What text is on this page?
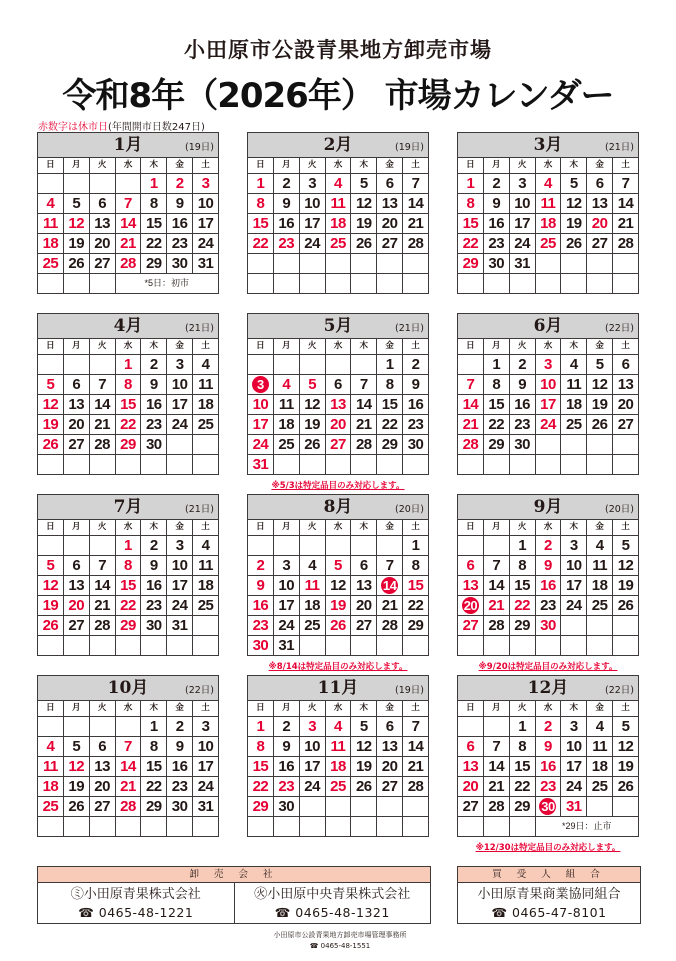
小田原市公設青果地方卸売市場
令和8年（2026年） 市場カレンダー
赤数字は休市日(年間開市日数247日)
1月 (19日)						

日	月	火	水	木	金	土
				1	2	3
4	5	6	7	8	9	10
11	12	13	14	15	16	17
18	19	20	21	22	23	24
25	26	27	28	29	30	31
			*5日：初市			
2月 (19日)						

日	月	火	水	木	金	土
1	2	3	4	5	6	7
8	9	10	11	12	13	14
15	16	17	18	19	20	21
22	23	24	25	26	27	28

3月 (21日)						

日	月	火	水	木	金	土
1	2	3	4	5	6	7
8	9	10	11	12	13	14
15	16	17	18	19	20	21
22	23	24	25	26	27	28
29	30	31				

4月 (21日)						

日	月	火	水	木	金	土
			1	2	3	4
5	6	7	8	9	10	11
12	13	14	15	16	17	18
19	20	21	22	23	24	25
26	27	28	29	30		

5月 (21日)						

日	月	火	水	木	金	土
					1	2
3	4	5	6	7	8	9
10	11	12	13	14	15	16
17	18	19	20	21	22	23
24	25	26	27	28	29	30
31						
※5/3は特定品目のみ対応します。
6月 (22日)						

日	月	火	水	木	金	土
	1	2	3	4	5	6
7	8	9	10	11	12	13
14	15	16	17	18	19	20
21	22	23	24	25	26	27
28	29	30				

7月 (21日)						

日	月	火	水	木	金	土
			1	2	3	4
5	6	7	8	9	10	11
12	13	14	15	16	17	18
19	20	21	22	23	24	25
26	27	28	29	30	31	

8月 (20日)						

日	月	火	水	木	金	土
						1
2	3	4	5	6	7	8
9	10	11	12	13	14	15
16	17	18	19	20	21	22
23	24	25	26	27	28	29
30	31					
※8/14は特定品目のみ対応します。
9月 (20日)						

日	月	火	水	木	金	土
		1	2	3	4	5
6	7	8	9	10	11	12
13	14	15	16	17	18	19
20	21	22	23	24	25	26
27	28	29	30			

※9/20は特定品目のみ対応します。
10月 (22日)						

日	月	火	水	木	金	土
				1	2	3
4	5	6	7	8	9	10
11	12	13	14	15	16	17
18	19	20	21	22	23	24
25	26	27	28	29	30	31

11月 (19日)						

日	月	火	水	木	金	土
1	2	3	4	5	6	7
8	9	10	11	12	13	14
15	16	17	18	19	20	21
22	23	24	25	26	27	28
29	30					

12月 (22日)						

日	月	火	水	木	金	土
		1	2	3	4	5
6	7	8	9	10	11	12
13	14	15	16	17	18	19
20	21	22	23	24	25	26
27	28	29	30	31		
			*29日：止市			
※12/30は特定品目のみ対応します。
卸 売 会 社
㋯小田原青果株式会社
☎ 0465-48-1221
㊋小田原中央青果株式会社
☎ 0465-48-1321
買 受 人 組 合
小田原青果商業協同組合
☎ 0465-47-8101
小田原市公設青果地方卸売市場管理事務所
☎ 0465-48-1551
